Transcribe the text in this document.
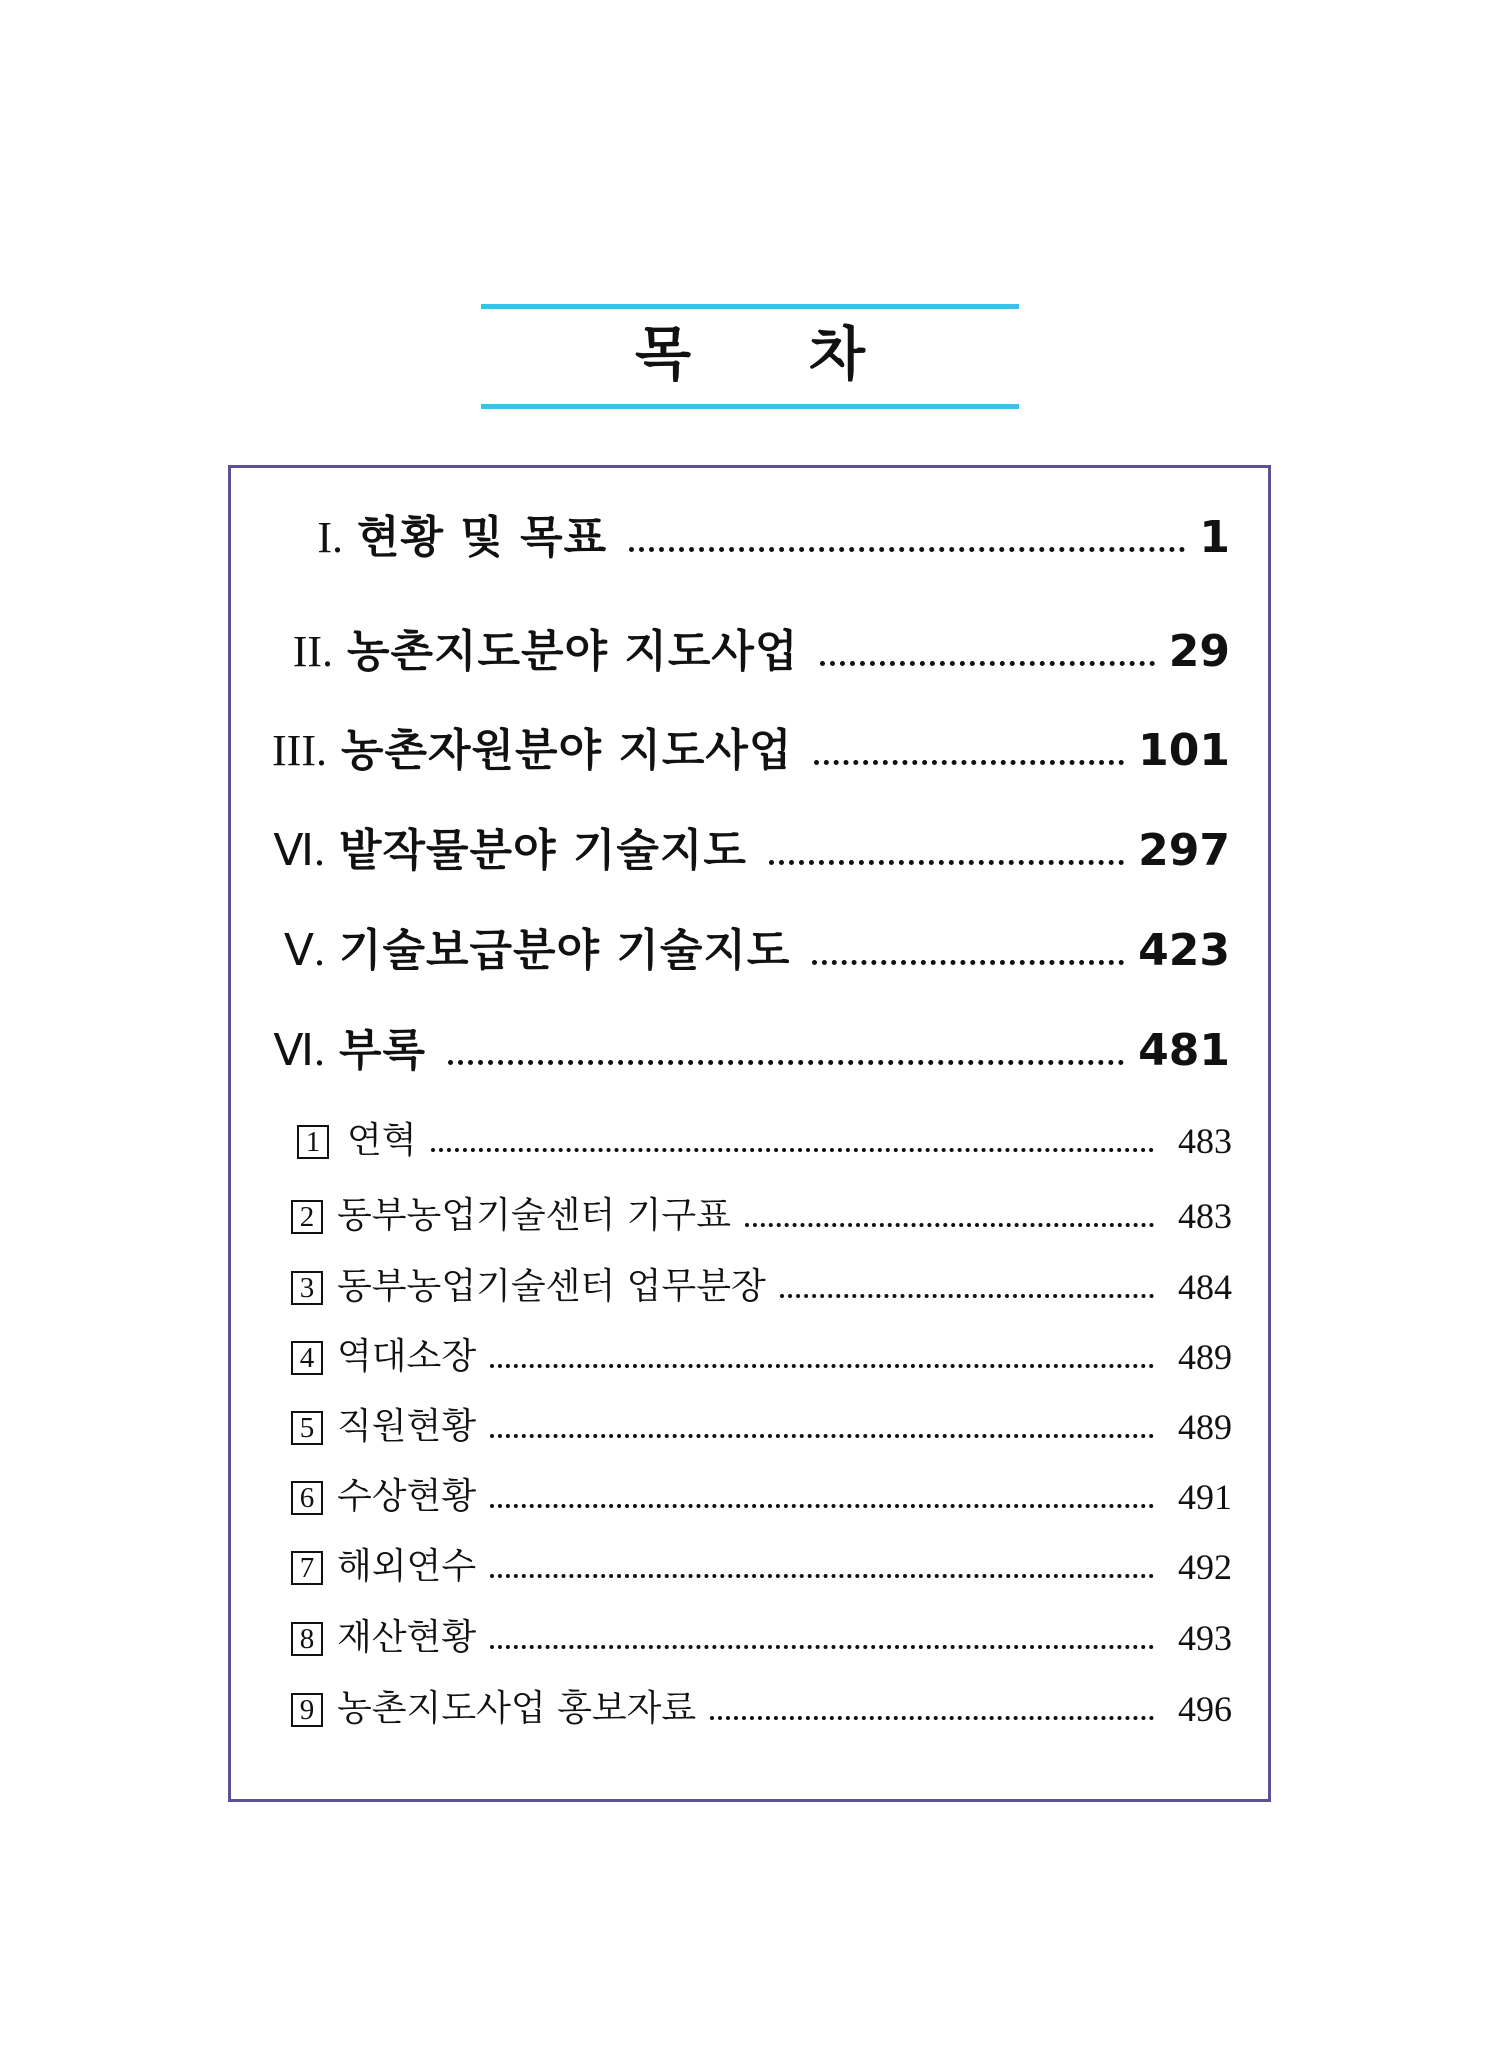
목차
I. 현황 및 목표	1
II. 농촌지도분야 지도사업	29
III. 농촌자원분야 지도사업	101
Ⅵ. 밭작물분야 기술지도	297
Ⅴ. 기술보급분야 기술지도	423
Ⅵ. 부록	481
1 연혁	483
2 동부농업기술센터 기구표	483
3 동부농업기술센터 업무분장	484
4 역대소장	489
5 직원현황	489
6 수상현황	491
7 해외연수	492
8 재산현황	493
9 농촌지도사업 홍보자료	496
